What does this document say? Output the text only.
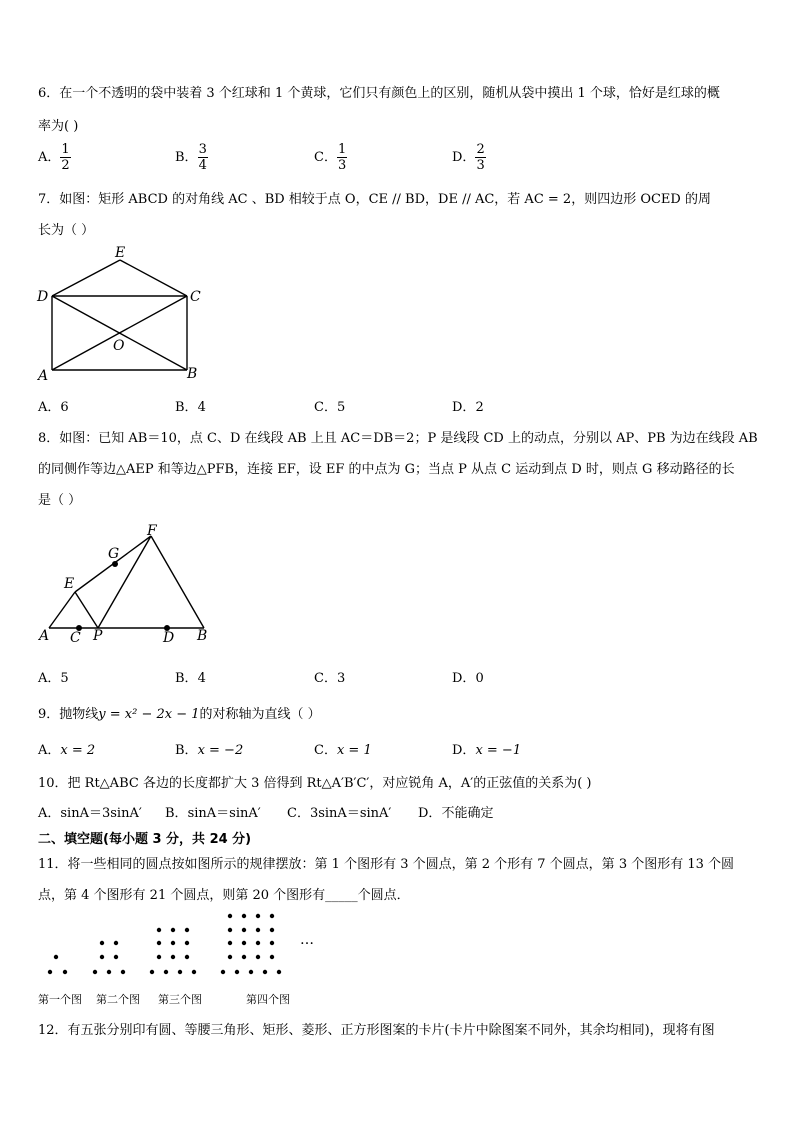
6．在一个不透明的袋中装着 3 个红球和 1 个黄球，它们只有颜色上的区别，随机从袋中摸出 1 个球，恰好是红球的概
率为( )
A． $\frac{1}{2}$	B． $\frac{3}{4}$	C． $\frac{1}{3}$	D． $\frac{2}{3}$
7．如图：矩形 ABCD 的对角线 AC 、BD 相较于点 O，CE // BD，DE // AC，若 AC = 2，则四边形 OCED 的周
长为（ ）
E
D	C
O
A	B
A．6	B．4	C．5	D．2
8．如图：已知 AB＝10，点 C、D 在线段 AB 上且 AC＝DB＝2；P 是线段 CD 上的动点，分别以 AP、PB 为边在线段 AB
的同侧作等边△AEP 和等边△PFB，连接 EF，设 EF 的中点为 G；当点 P 从点 C 运动到点 D 时，则点 G 移动路径的长
是（ ）
F
G
E
A C P	D B
A．5	B．4	C．3	D．0
9．抛物线y = x² − 2x − 1的对称轴为直线（ ）
A．x = 2	B．x = −2	C．x = 1	D．x = −1
10．把 Rt△ABC 各边的长度都扩大 3 倍得到 Rt△A′B′C′，对应锐角 A，A′的正弦值的关系为( )
A．sinA＝3sinA′ B．sinA＝sinA′ C．3sinA＝sinA′ D．不能确定
二、填空题(每小题 3 分，共 24 分)
11．将一些相同的圆点按如图所示的规律摆放：第 1 个图形有 3 个圆点，第 2 个形有 7 个圆点，第 3 个图形有 13 个圆
点，第 4 个图形有 21 个圆点，则第 20 个图形有_____个圆点．
…
第一个图 第二个图 第三个图	第四个图
12．有五张分别印有圆、等腰三角形、矩形、菱形、正方形图案的卡片(卡片中除图案不同外，其余均相同)，现将有图
